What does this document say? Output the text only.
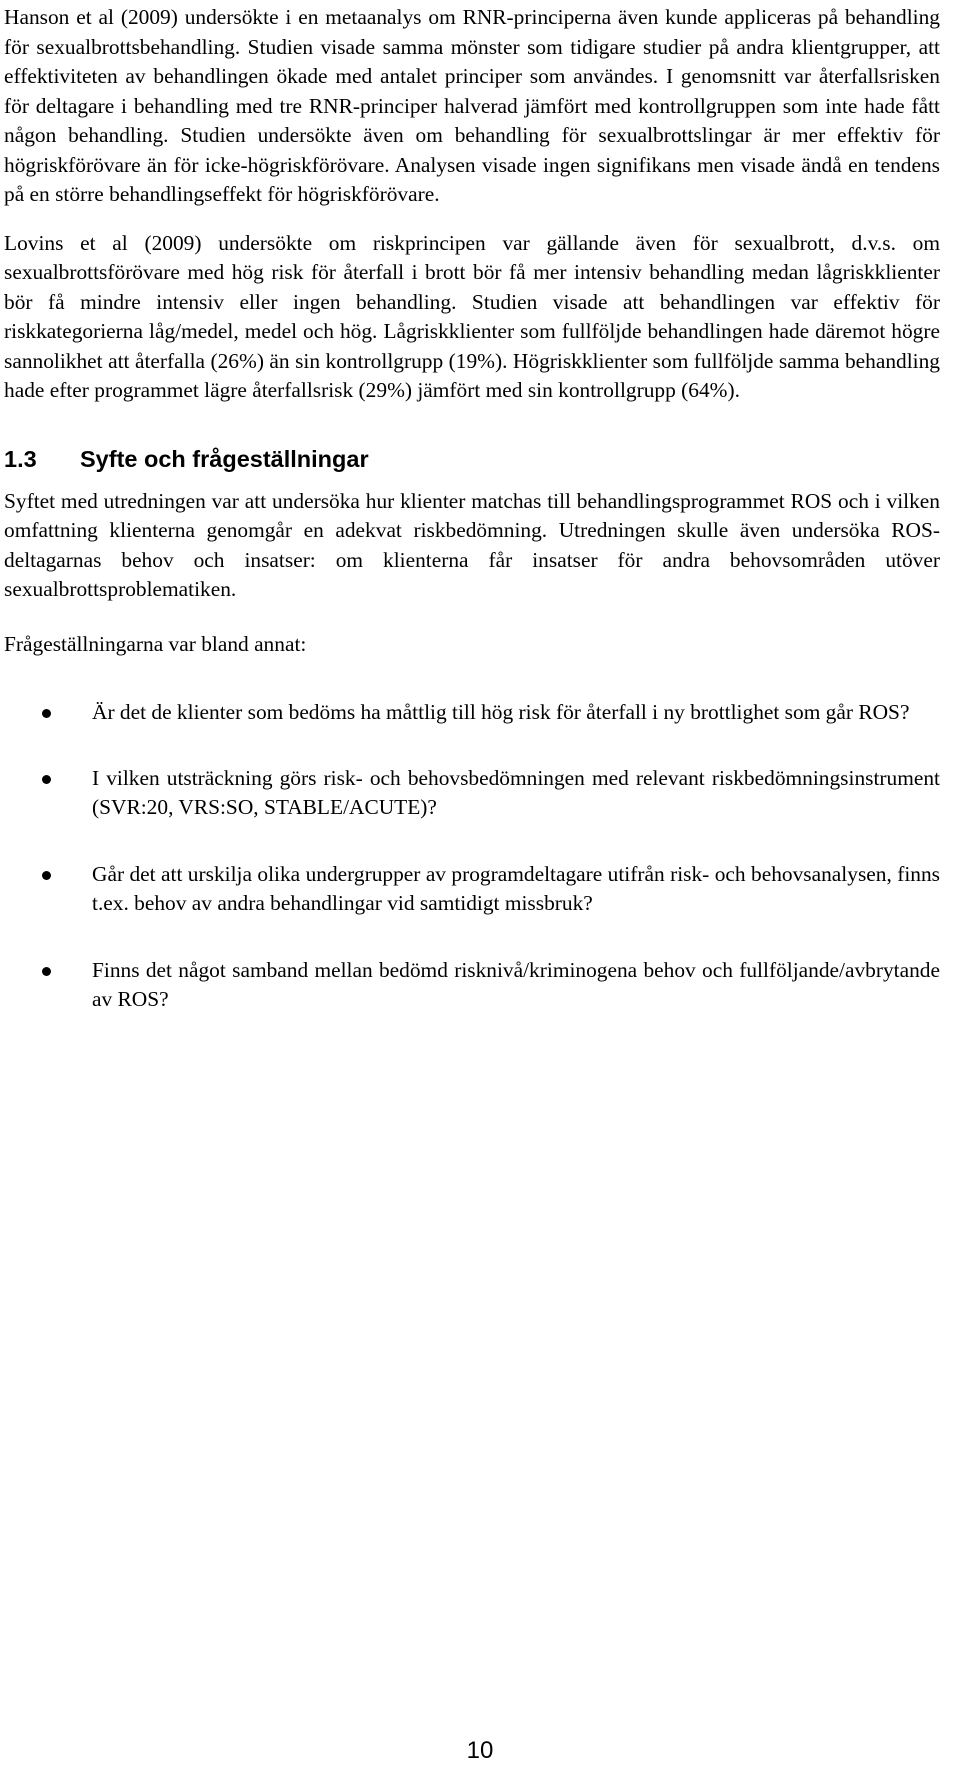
Hanson et al (2009) undersökte i en metaanalys om RNR-principerna även kunde appliceras på behandling för sexualbrottsbehandling. Studien visade samma mönster som tidigare studier på andra klientgrupper, att effektiviteten av behandlingen ökade med antalet principer som användes. I genomsnitt var återfallsrisken för deltagare i behandling med tre RNR-principer halverad jämfört med kontrollgruppen som inte hade fått någon behandling. Studien undersökte även om behandling för sexualbrottslingar är mer effektiv för högriskförövare än för icke-högriskförövare. Analysen visade ingen signifikans men visade ändå en tendens på en större behandlingseffekt för högriskförövare.

Lovins et al (2009) undersökte om riskprincipen var gällande även för sexualbrott, d.v.s. om sexualbrottsförövare med hög risk för återfall i brott bör få mer intensiv behandling medan lågriskklienter bör få mindre intensiv eller ingen behandling. Studien visade att behandlingen var effektiv för riskkategorierna låg/medel, medel och hög. Lågriskklienter som fullföljde behandlingen hade däremot högre sannolikhet att återfalla (26%) än sin kontrollgrupp (19%). Högriskklienter som fullföljde samma behandling hade efter programmet lägre återfallsrisk (29%) jämfört med sin kontrollgrupp (64%).

1.3 Syfte och frågeställningar

Syftet med utredningen var att undersöka hur klienter matchas till behandlingsprogrammet ROS och i vilken omfattning klienterna genomgår en adekvat riskbedömning. Utredningen skulle även undersöka ROS-deltagarnas behov och insatser: om klienterna får insatser för andra behovsområden utöver sexualbrottsproblematiken.

Frågeställningarna var bland annat:

Är det de klienter som bedöms ha måttlig till hög risk för återfall i ny brottlighet som går ROS?
I vilken utsträckning görs risk- och behovsbedömningen med relevant riskbedömningsinstrument (SVR:20, VRS:SO, STABLE/ACUTE)?
Går det att urskilja olika undergrupper av programdeltagare utifrån risk- och behovsanalysen, finns t.ex. behov av andra behandlingar vid samtidigt missbruk?
Finns det något samband mellan bedömd risknivå/kriminogena behov och fullföljande/avbrytande av ROS?
10
